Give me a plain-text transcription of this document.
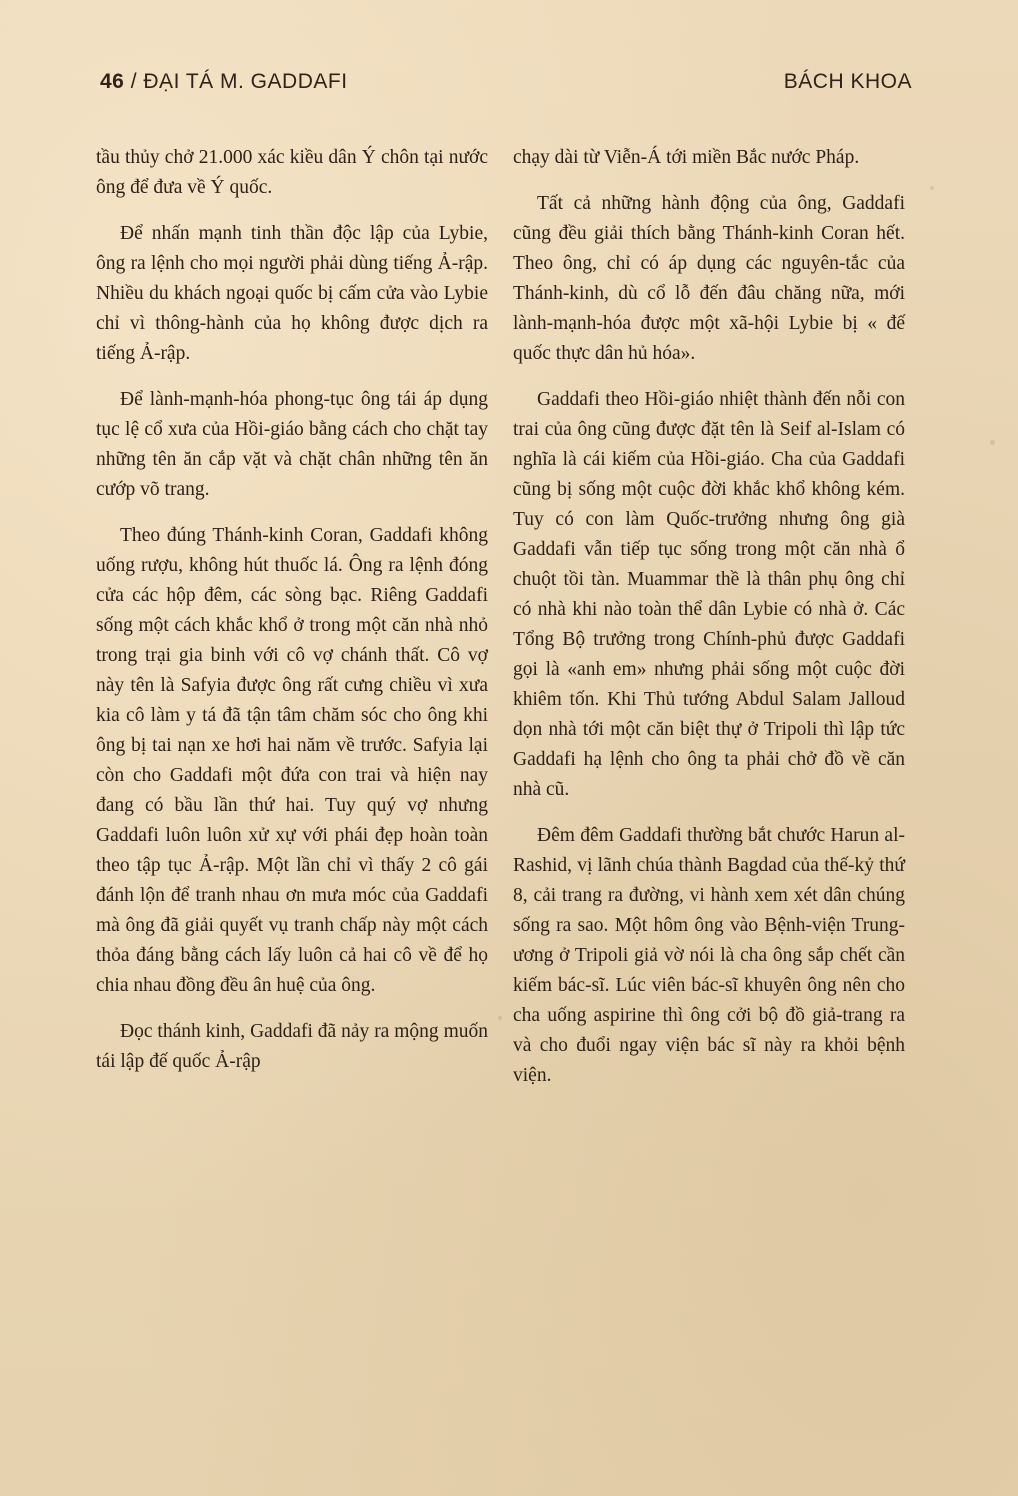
46 / ĐẠI TÁ M. GADDAFI	BÁCH KHOA

tầu thủy chở 21.000 xác kiều dân Ý chôn tại nước ông để đưa về Ý quốc.

Để nhấn mạnh tinh thần độc lập của Lybie, ông ra lệnh cho mọi người phải dùng tiếng Ả-rập. Nhiều du khách ngoại quốc bị cấm cửa vào Lybie chỉ vì thông-hành của họ không được dịch ra tiếng Ả-rập.

Để lành-mạnh-hóa phong-tục ông tái áp dụng tục lệ cổ xưa của Hồi-giáo bằng cách cho chặt tay những tên ăn cắp vặt và chặt chân những tên ăn cướp võ trang.

Theo đúng Thánh-kinh Coran, Gaddafi không uống rượu, không hút thuốc lá. Ông ra lệnh đóng cửa các hộp đêm, các sòng bạc. Riêng Gaddafi sống một cách khắc khổ ở trong một căn nhà nhỏ trong trại gia binh với cô vợ chánh thất. Cô vợ này tên là Safyia được ông rất cưng chiều vì xưa kia cô làm y tá đã tận tâm chăm sóc cho ông khi ông bị tai nạn xe hơi hai năm về trước. Safyia lại còn cho Gaddafi một đứa con trai và hiện nay đang có bầu lần thứ hai. Tuy quý vợ nhưng Gaddafi luôn luôn xử xự với phái đẹp hoàn toàn theo tập tục Ả-rập. Một lần chỉ vì thấy 2 cô gái đánh lộn để tranh nhau ơn mưa móc của Gaddafi mà ông đã giải quyết vụ tranh chấp này một cách thỏa đáng bằng cách lấy luôn cả hai cô về để họ chia nhau đồng đều ân huệ của ông.

Đọc thánh kinh, Gaddafi đã nảy ra mộng muốn tái lập đế quốc Ả-rập

chạy dài từ Viễn-Á tới miền Bắc nước Pháp.

Tất cả những hành động của ông, Gaddafi cũng đều giải thích bằng Thánh-kinh Coran hết. Theo ông, chỉ có áp dụng các nguyên-tắc của Thánh-kinh, dù cổ lỗ đến đâu chăng nữa, mới lành-mạnh-hóa được một xã-hội Lybie bị « đế quốc thực dân hủ hóa».

Gaddafi theo Hồi-giáo nhiệt thành đến nỗi con trai của ông cũng được đặt tên là Seif al-Islam có nghĩa là cái kiếm của Hồi-giáo. Cha của Gaddafi cũng bị sống một cuộc đời khắc khổ không kém. Tuy có con làm Quốc-trưởng nhưng ông già Gaddafi vẫn tiếp tục sống trong một căn nhà ổ chuột tồi tàn. Muammar thề là thân phụ ông chỉ có nhà khi nào toàn thể dân Lybie có nhà ở. Các Tổng Bộ trưởng trong Chính-phủ được Gaddafi gọi là «anh em» nhưng phải sống một cuộc đời khiêm tốn. Khi Thủ tướng Abdul Salam Jalloud dọn nhà tới một căn biệt thự ở Tripoli thì lập tức Gaddafi hạ lệnh cho ông ta phải chở đồ về căn nhà cũ.

Đêm đêm Gaddafi thường bắt chước Harun al-Rashid, vị lãnh chúa thành Bagdad của thế-kỷ thứ 8, cải trang ra đường, vi hành xem xét dân chúng sống ra sao. Một hôm ông vào Bệnh-viện Trung-ương ở Tripoli giả vờ nói là cha ông sắp chết cần kiếm bác-sĩ. Lúc viên bác-sĩ khuyên ông nên cho cha uống aspirine thì ông cởi bộ đồ giả-trang ra và cho đuổi ngay viện bác sĩ này ra khỏi bệnh viện.
